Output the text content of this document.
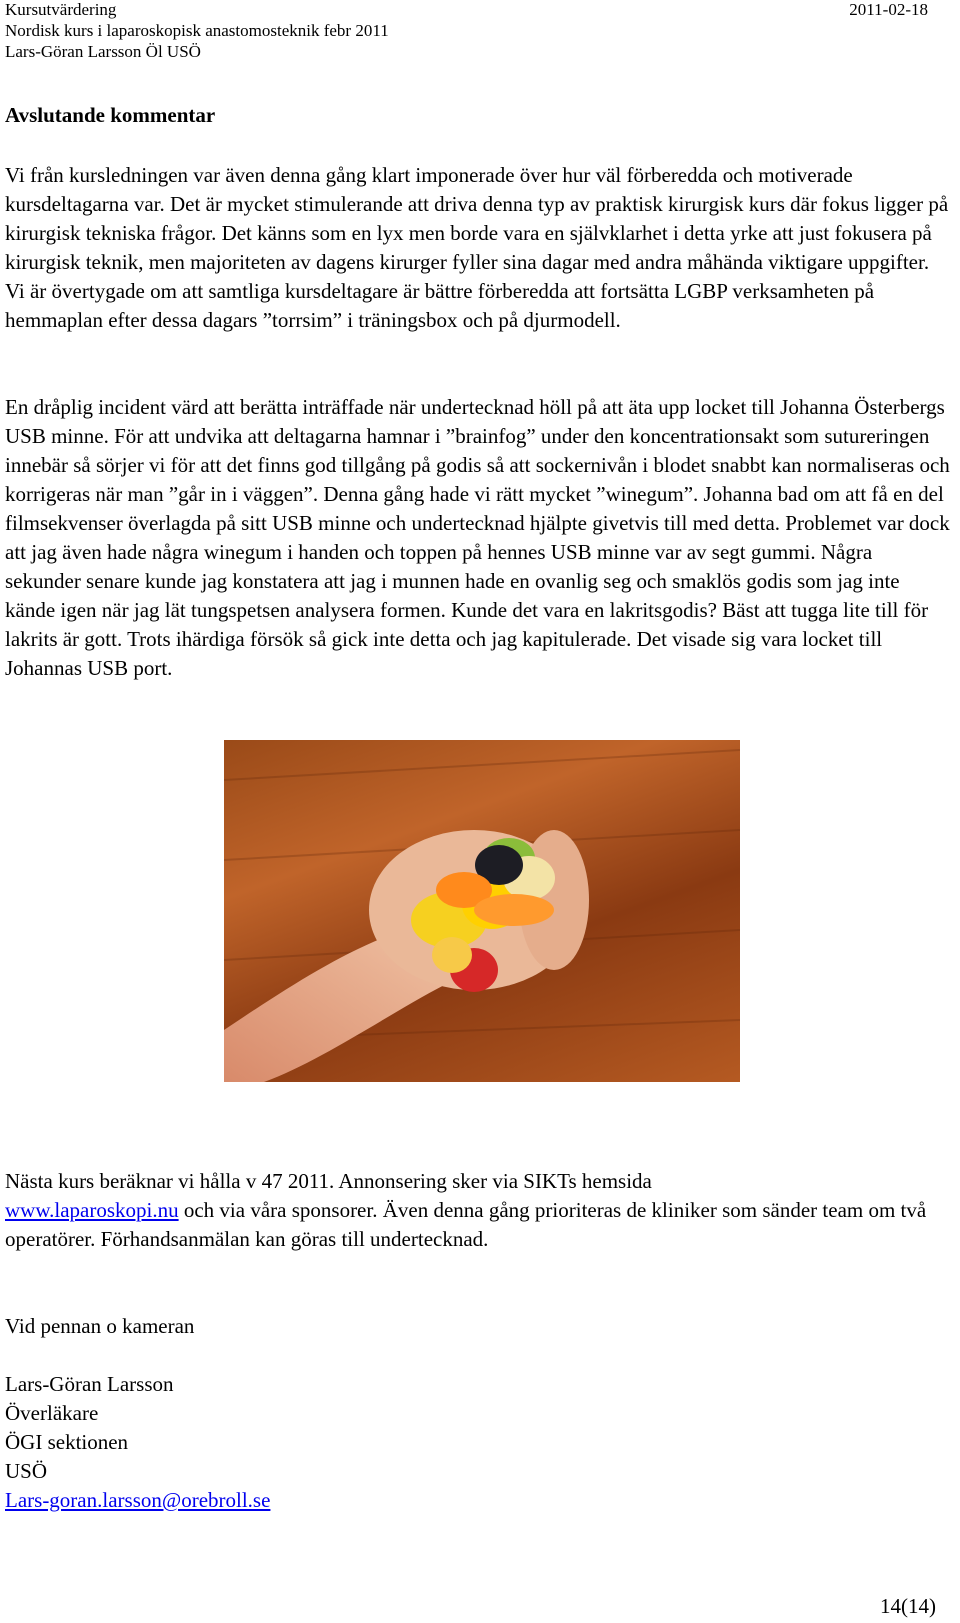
Kursutvärdering
Nordisk kurs i laparoskopisk anastomosteknik febr 2011
Lars-Göran Larsson Öl USÖ
2011-02-18
Avslutande kommentar

Vi från kursledningen var även denna gång klart imponerade över hur väl förberedda och motiverade kursdeltagarna var. Det är mycket stimulerande att driva denna typ av praktisk kirurgisk kurs där fokus ligger på kirurgisk tekniska frågor. Det känns som en lyx men borde vara en självklarhet i detta yrke att just fokusera på kirurgisk teknik, men majoriteten av dagens kirurger fyller sina dagar med andra måhända viktigare uppgifter. Vi är övertygade om att samtliga kursdeltagare är bättre förberedda att fortsätta LGBP verksamheten på hemmaplan efter dessa dagars ”torrsim” i träningsbox och på djurmodell.

En dråplig incident värd att berätta inträffade när undertecknad höll på att äta upp locket till Johanna Österbergs USB minne. För att undvika att deltagarna hamnar i ”brainfog” under den koncentrationsakt som sutureringen innebär så sörjer vi för att det finns god tillgång på godis så att sockernivån i blodet snabbt kan normaliseras och korrigeras när man ”går in i väggen”. Denna gång hade vi rätt mycket ”winegum”. Johanna bad om att få en del filmsekvenser överlagda på sitt USB minne och undertecknad hjälpte givetvis till med detta. Problemet var dock att jag även hade några winegum i handen och toppen på hennes USB minne var av segt gummi. Några sekunder senare kunde jag konstatera att jag i munnen hade en ovanlig seg och smaklös godis som jag inte kände igen när jag lät tungspetsen analysera formen. Kunde det vara en lakritsgodis? Bäst att tugga lite till för lakrits är gott. Trots ihärdiga försök så gick inte detta och jag kapitulerade. Det visade sig vara locket till Johannas USB port.

Nästa kurs beräknar vi hålla v 47 2011. Annonsering sker via SIKTs hemsida
www.laparoskopi.nu och via våra sponsorer. Även denna gång prioriteras de kliniker som sänder team om två operatörer. Förhandsanmälan kan göras till undertecknad.

Vid pennan o kameran
Lars-Göran Larsson
Överläkare
ÖGI sektionen
USÖ
Lars-goran.larsson@orebroll.se
14(14)
